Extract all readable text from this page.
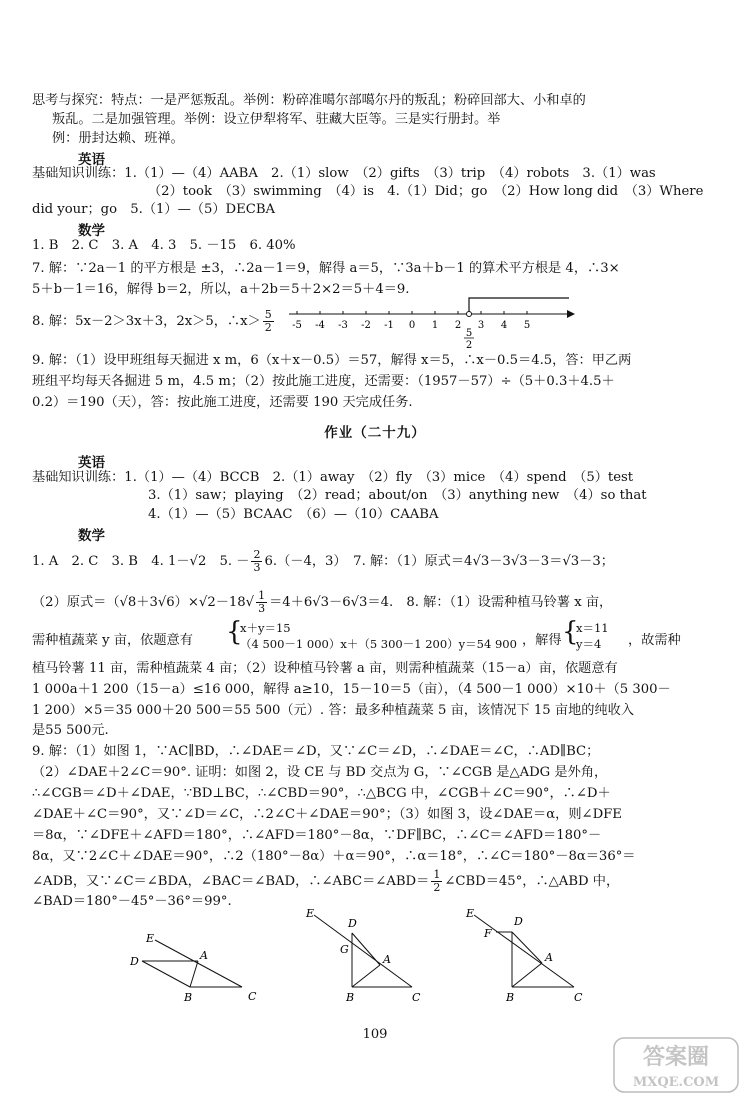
思考与探究：特点：一是严惩叛乱。举例：粉碎准噶尔部噶尔丹的叛乱；粉碎回部大、小和卓的
叛乱。二是加强管理。举例：设立伊犁将军、驻藏大臣等。三是实行册封。举
例：册封达赖、班禅。
英语
基础知识训练：1.（1）—（4）AABA　2.（1）slow　（2）gifts　（3）trip　（4）robots　3.（1）was
（2）took　（3）swimming　（4）is　4.（1）Did；go　（2）How long did　（3）Where
did your；go　5.（1）—（5）DECBA
数学
1. B　2. C　3. A　4. 3　5. －15　6. 40%
7. 解：∵2a－1 的平方根是 ±3，∴2a－1＝9，解得 a＝5，∵3a＋b－1 的算术平方根是 4，∴3×
5＋b－1＝16，解得 b＝2，所以，a＋2b＝5＋2×2＝5＋4＝9.
8. 解：5x－2＞3x＋3，2x＞5，∴x＞ $\frac{5}{2} -5$ -4 -3 -2 -1 0 1 2 3 4 5
5
2
9. 解：（1）设甲班组每天掘进 x m，6（x＋x－0.5）＝57，解得 x＝5，∴x－0.5＝4.5，答：甲乙两
班组平均每天各掘进 5 m，4.5 m；（2）按此施工进度，还需要：（1957－57）÷（5＋0.3＋4.5＋
0.2）＝190（天），答：按此施工进度，还需要 190 天完成任务.
作业（二十九）
英语
基础知识训练：1.（1）—（4）BCCB　2.（1）away　（2）fly　（3）mice　（4）spend　（5）test
3.（1）saw；playing　（2）read；about/on　（3）anything new　（4）so that
4.（1）—（5）BCAAC　（6）—（10）CAABA
数学
1. A　2. C　3. B　4. 1－√2　5. － $\frac{2}{3} 6.(-4$，3）　7. 解：（1）原式＝4√3－3√3－3＝√3－3；
（2）原式$=(√8+3√6)\times√2-18√ \frac{1}{3} =4+6√3-6√3=4$.　8. 解：（1）设需种植马铃薯 x 亩，
需种植蔬菜 y 亩，依题意有 {
x＋y＝15
（4 500－1 000）x＋（5 300－1 200）y＝54 900 ，解得 {
x＝11
y＝4 ，故需种
植马铃薯 11 亩，需种植蔬菜 4 亩；（2）设种植马铃薯 a 亩，则需种植蔬菜（15－a）亩，依题意有
1 000a＋1 200（15－a）≤16 000，解得 a≥10，15－10＝5（亩），（4 500－1 000）×10＋（5 300－
1 200）×5＝35 000＋20 500＝55 500（元）. 答：最多种植蔬菜 5 亩，该情况下 15 亩地的纯收入
是55 500元.
9. 解：（1）如图 1，∵AC∥BD，∴∠DAE＝∠D，又∵∠C＝∠D，∴∠DAE＝∠C，∴AD∥BC；
（2）∠DAE＋2∠C＝90°. 证明：如图 2，设 CE 与 BD 交点为 G，∵∠CGB 是△ADG 是外角，
∴∠CGB＝∠D＋∠DAE，∵BD⊥BC，∴∠CBD＝90°，∴△BCG 中，∠CGB＋∠C＝90°，∴∠D＋
∠DAE＋∠C＝90°，又∵∠D＝∠C，∴2∠C＋∠DAE＝90°；（3）如图 3，设∠DAE＝α，则∠DFE
＝8α，∵∠DFE＋∠AFD＝180°，∴∠AFD＝180°－8α，∵DF∥BC，∴∠C＝∠AFD＝180°－
8α，又∵2∠C＋∠DAE＝90°，∴2（180°－8α）＋α＝90°，∴α＝18°，∴∠C＝180°－8α＝36°＝
∠ADB，又∵∠C＝∠BDA，∠BAC＝∠BAD，∴∠ABC＝∠ABD＝ $\frac{1}{2}$ ∠CBD＝45°，∴△ABD 中，
∠BAD＝180°－45°－36°＝99°.
E
D	A
B	C
E
D
G
A
B	C
E
D
F
A
B	C
109
答案圈
MXQE.COM
